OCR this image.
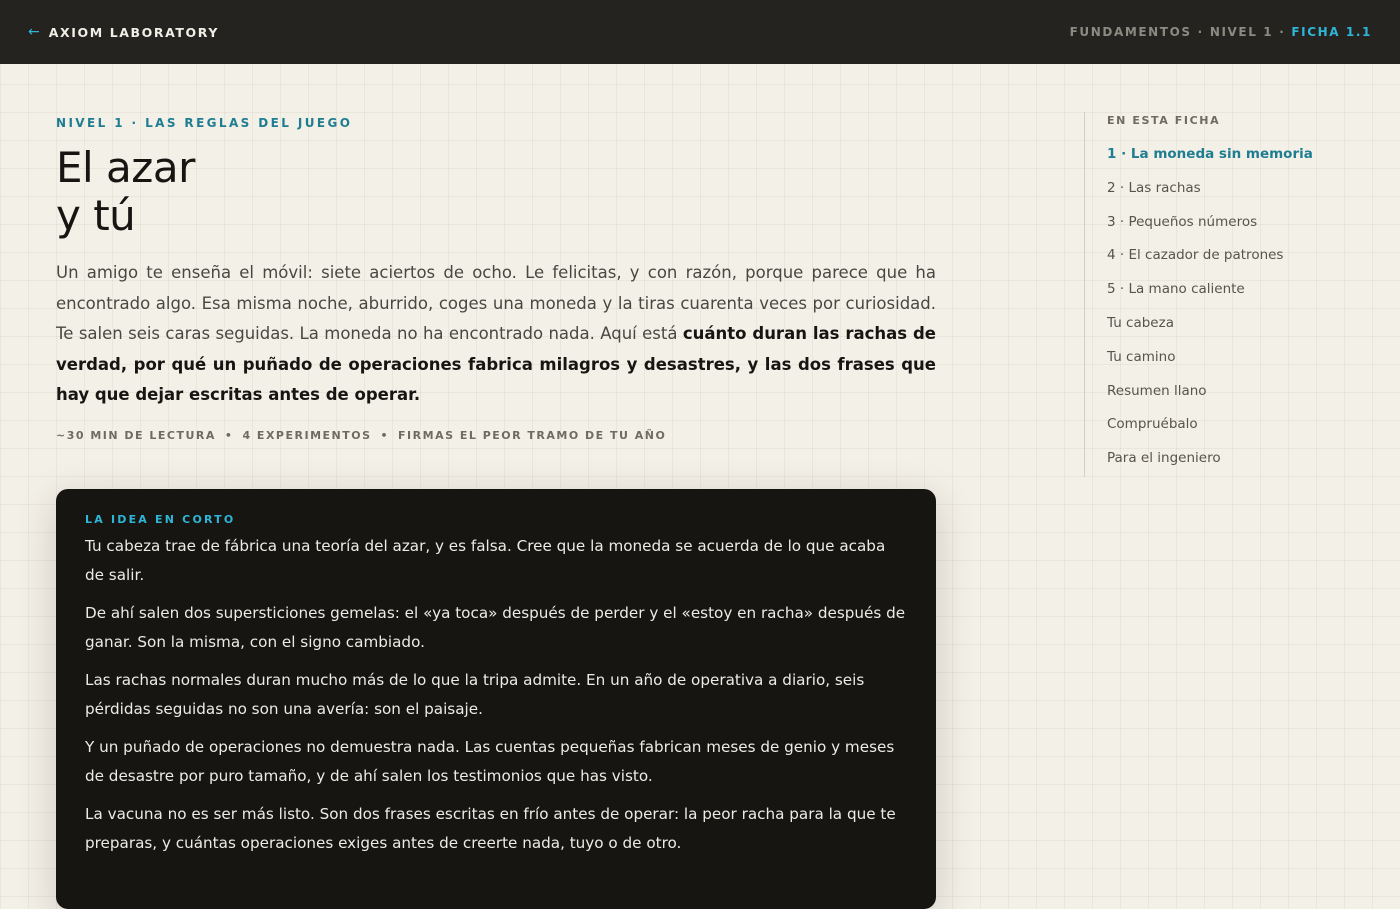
← AXIOM LABORATORY	FUNDAMENTOS · NIVEL 1 · FICHA 1.1
NIVEL 1 · LAS REGLAS DEL JUEGO
El azar
y tú

Un amigo te enseña el móvil: siete aciertos de ocho. Le felicitas, y con razón, porque parece que ha encontrado algo. Esa misma noche, aburrido, coges una moneda y la tiras cuarenta veces por curiosidad. Te salen seis caras seguidas. La moneda no ha encontrado nada. Aquí está cuánto duran las rachas de verdad, por qué un puñado de operaciones fabrica milagros y desastres, y las dos frases que hay que dejar escritas antes de operar.

~30 MIN DE LECTURA • 4 EXPERIMENTOS • FIRMAS EL PEOR TRAMO DE TU AÑO
LA IDEA EN CORTO

Tu cabeza trae de fábrica una teoría del azar, y es falsa. Cree que la moneda se acuerda de lo que acaba de salir.

De ahí salen dos supersticiones gemelas: el «ya toca» después de perder y el «estoy en racha» después de ganar. Son la misma, con el signo cambiado.

Las rachas normales duran mucho más de lo que la tripa admite. En un año de operativa a diario, seis pérdidas seguidas no son una avería: son el paisaje.

Y un puñado de operaciones no demuestra nada. Las cuentas pequeñas fabrican meses de genio y meses de desastre por puro tamaño, y de ahí salen los testimonios que has visto.

La vacuna no es ser más listo. Son dos frases escritas en frío antes de operar: la peor racha para la que te preparas, y cuántas operaciones exiges antes de creerte nada, tuyo o de otro.

EN ESTA FICHA
1 · La moneda sin memoria
2 · Las rachas
3 · Pequeños números
4 · El cazador de patrones
5 · La mano caliente
Tu cabeza
Tu camino
Resumen llano
Compruébalo
Para el ingeniero
